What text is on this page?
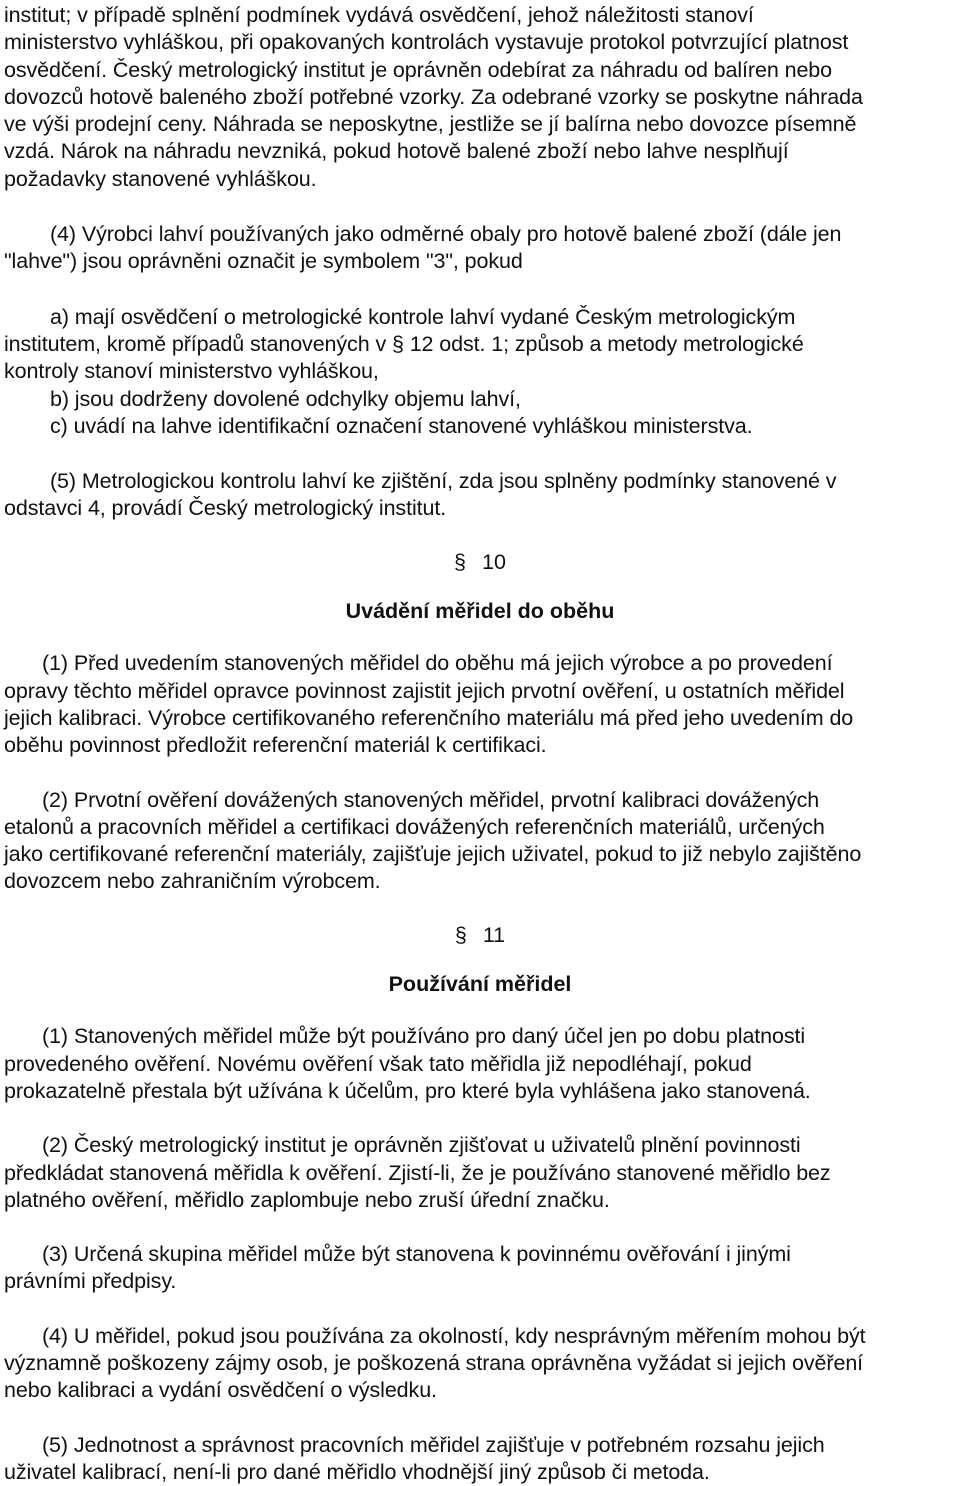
institut; v případě splnění podmínek vydává osvědčení, jehož náležitosti stanoví

ministerstvo vyhláškou, při opakovaných kontrolách vystavuje protokol potvrzující platnost

osvědčení. Český metrologický institut je oprávněn odebírat za náhradu od balíren nebo

dovozců hotově baleného zboží potřebné vzorky. Za odebrané vzorky se poskytne náhrada

ve výši prodejní ceny. Náhrada se neposkytne, jestliže se jí balírna nebo dovozce písemně

vzdá. Nárok na náhradu nevzniká, pokud hotově balené zboží nebo lahve nesplňují

požadavky stanovené vyhláškou.

(4) Výrobci lahví používaných jako odměrné obaly pro hotově balené zboží (dále jen

"lahve") jsou oprávněni označit je symbolem "3", pokud

a) mají osvědčení o metrologické kontrole lahví vydané Českým metrologickým

institutem, kromě případů stanovených v § 12 odst. 1; způsob a metody metrologické

kontroly stanoví ministerstvo vyhláškou,

b) jsou dodrženy dovolené odchylky objemu lahví,

c) uvádí na lahve identifikační označení stanovené vyhláškou ministerstva.

(5) Metrologickou kontrolu lahví ke zjištění, zda jsou splněny podmínky stanovené v

odstavci 4, provádí Český metrologický institut.

§10
Uvádění měřidel do oběhu

(1) Před uvedením stanovených měřidel do oběhu má jejich výrobce a po provedení

opravy těchto měřidel opravce povinnost zajistit jejich prvotní ověření, u ostatních měřidel

jejich kalibraci. Výrobce certifikovaného referenčního materiálu má před jeho uvedením do

oběhu povinnost předložit referenční materiál k certifikaci.

(2) Prvotní ověření dovážených stanovených měřidel, prvotní kalibraci dovážených

etalonů a pracovních měřidel a certifikaci dovážených referenčních materiálů, určených

jako certifikované referenční materiály, zajišťuje jejich uživatel, pokud to již nebylo zajištěno

dovozcem nebo zahraničním výrobcem.

§11
Používání měřidel

(1) Stanovených měřidel může být používáno pro daný účel jen po dobu platnosti

provedeného ověření. Novému ověření však tato měřidla již nepodléhají, pokud

prokazatelně přestala být užívána k účelům, pro které byla vyhlášena jako stanovená.

(2) Český metrologický institut je oprávněn zjišťovat u uživatelů plnění povinnosti

předkládat stanovená měřidla k ověření. Zjistí-li, že je používáno stanovené měřidlo bez

platného ověření, měřidlo zaplombuje nebo zruší úřední značku.

(3) Určená skupina měřidel může být stanovena k povinnému ověřování i jinými

právními předpisy.

(4) U měřidel, pokud jsou používána za okolností, kdy nesprávným měřením mohou být

významně poškozeny zájmy osob, je poškozená strana oprávněna vyžádat si jejich ověření

nebo kalibraci a vydání osvědčení o výsledku.

(5) Jednotnost a správnost pracovních měřidel zajišťuje v potřebném rozsahu jejich

uživatel kalibrací, není-li pro dané měřidlo vhodnější jiný způsob či metoda.
